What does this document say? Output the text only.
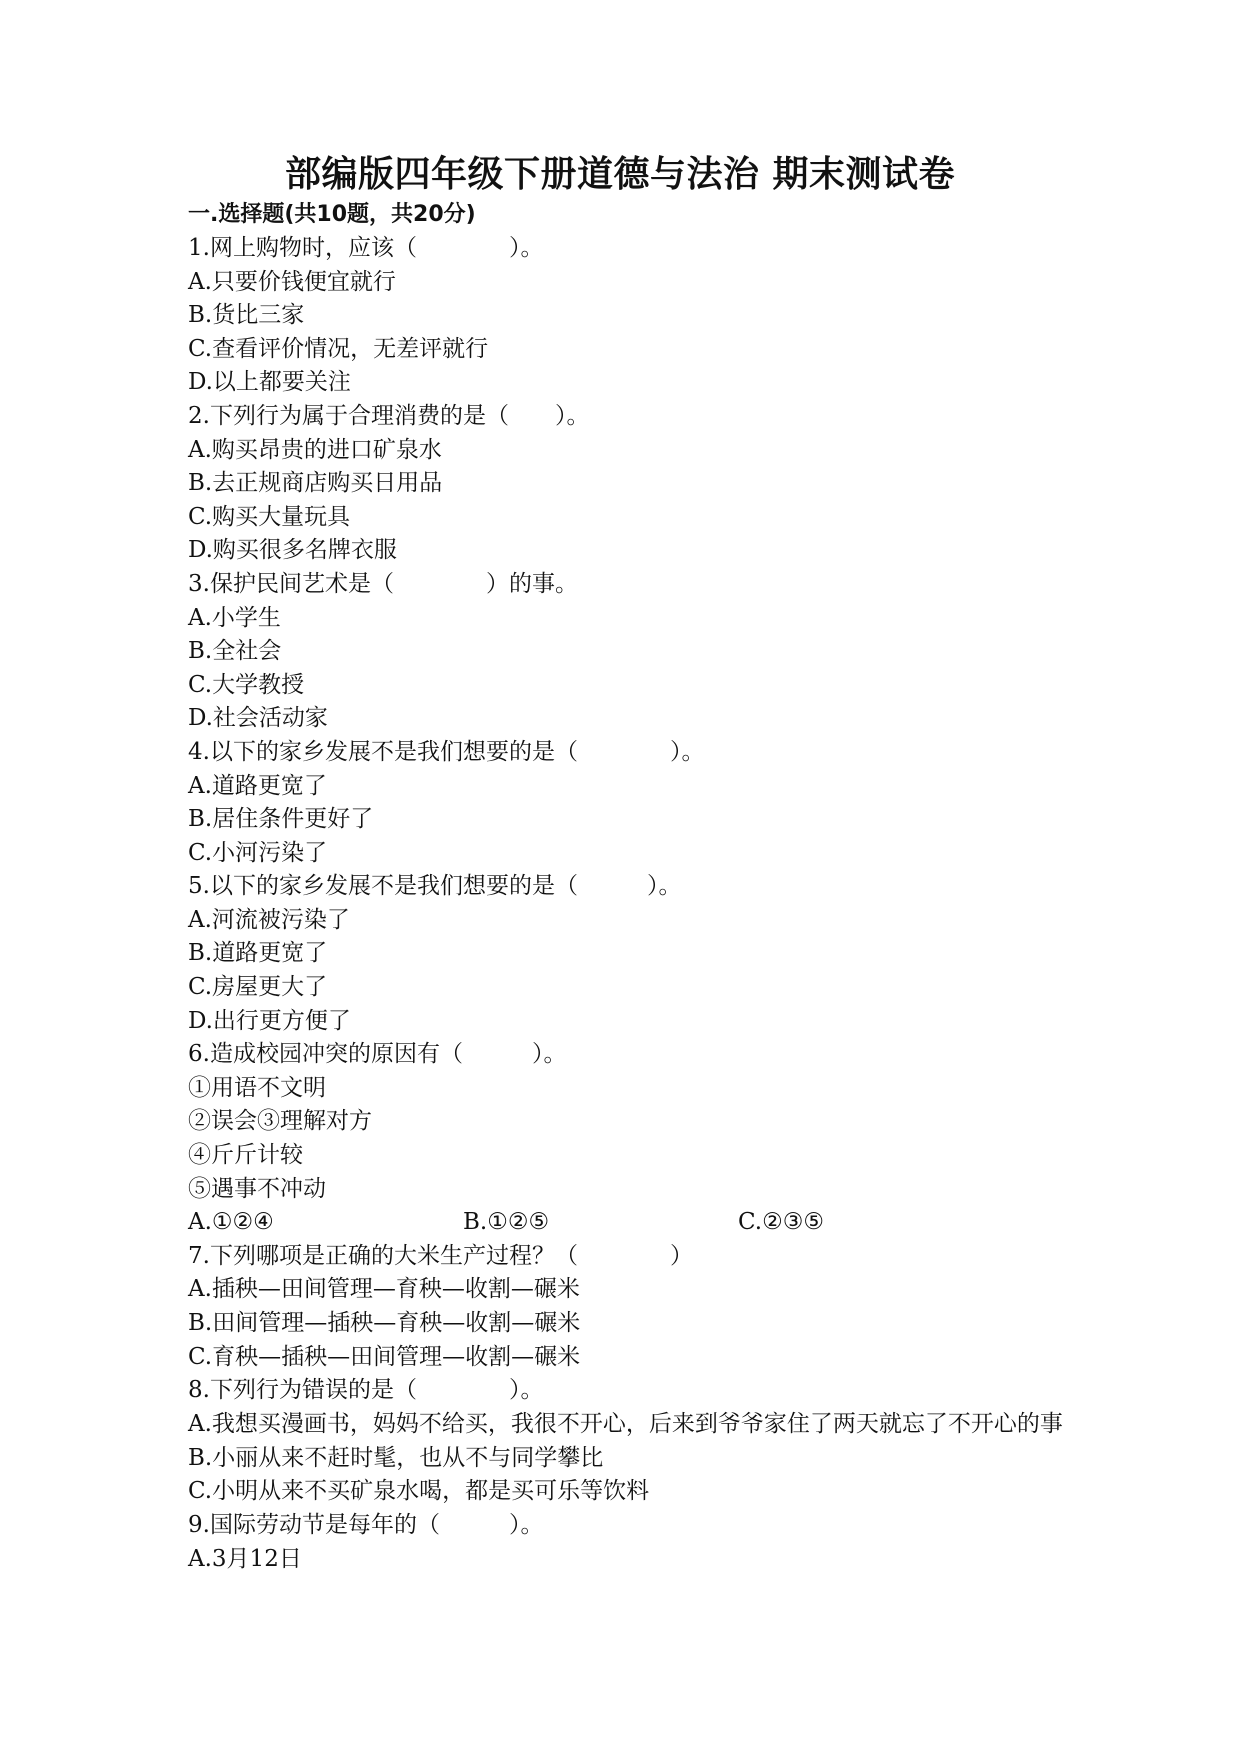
部编版四年级下册道德与法治 期末测试卷
一.选择题(共10题，共20分)
1.网上购物时，应该（　　　　）。
A.只要价钱便宜就行
B.货比三家
C.查看评价情况，无差评就行
D.以上都要关注
2.下列行为属于合理消费的是（　　）。
A.购买昂贵的进口矿泉水
B.去正规商店购买日用品
C.购买大量玩具
D.购买很多名牌衣服
3.保护民间艺术是（　　　　）的事。
A.小学生
B.全社会
C.大学教授
D.社会活动家
4.以下的家乡发展不是我们想要的是（　　　　）。
A.道路更宽了
B.居住条件更好了
C.小河污染了
5.以下的家乡发展不是我们想要的是（　　　）。
A.河流被污染了
B.道路更宽了
C.房屋更大了
D.出行更方便了
6.造成校园冲突的原因有（　　　）。
①用语不文明
②误会③理解对方
④斤斤计较
⑤遇事不冲动
A.①②④	B.①②⑤	C.②③⑤
7.下列哪项是正确的大米生产过程？（　　　　）
A.插秧—田间管理—育秧—收割—碾米
B.田间管理—插秧—育秧—收割—碾米
C.育秧—插秧—田间管理—收割—碾米
8.下列行为错误的是（　　　　）。
A.我想买漫画书，妈妈不给买，我很不开心，后来到爷爷家住了两天就忘了不开心的事
B.小丽从来不赶时髦，也从不与同学攀比
C.小明从来不买矿泉水喝，都是买可乐等饮料
9.国际劳动节是每年的（　　　）。
A.3月12日
